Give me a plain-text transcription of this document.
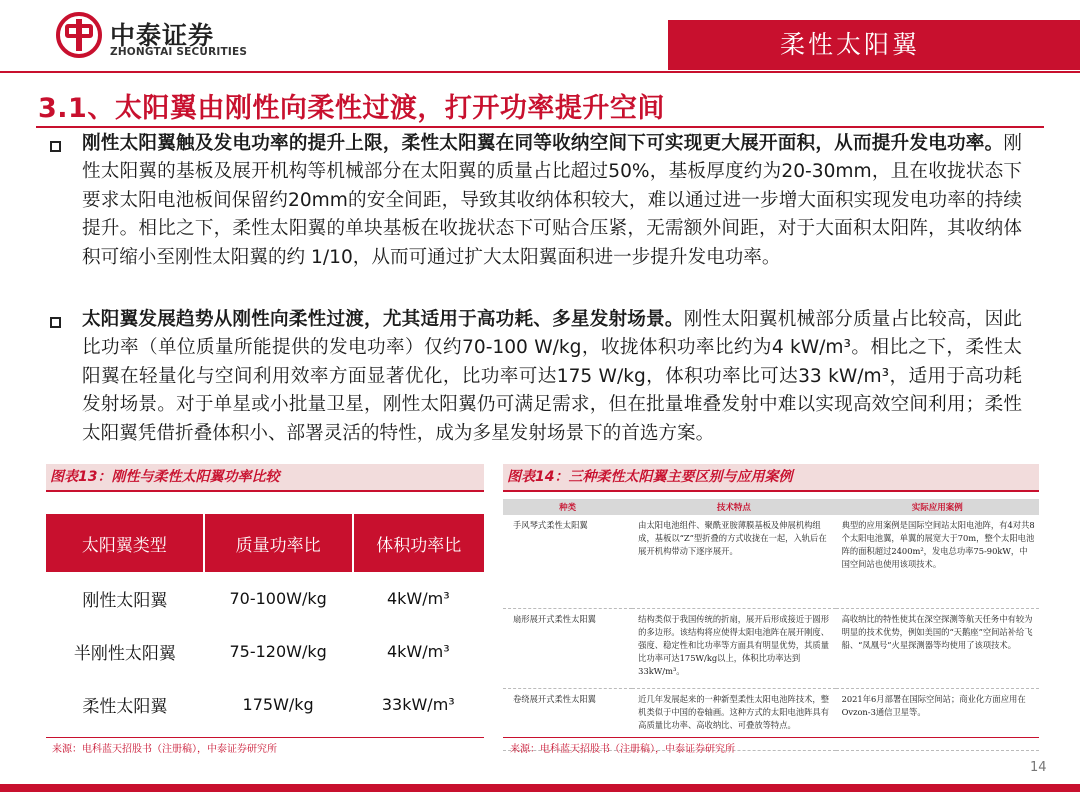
中泰证券
ZHONGTAI SECURITIES	柔性太阳翼
3.1、太阳翼由刚性向柔性过渡，打开功率提升空间
刚性太阳翼触及发电功率的提升上限，柔性太阳翼在同等收纳空间下可实现更大展开面积，从而提升发电功率。刚性太阳翼的基板及展开机构等机械部分在太阳翼的质量占比超过50%，基板厚度约为20-30mm，且在收拢状态下要求太阳电池板间保留约20mm的安全间距，导致其收纳体积较大，难以通过进一步增大面积实现发电功率的持续提升。相比之下，柔性太阳翼的单块基板在收拢状态下可贴合压紧，无需额外间距，对于大面积太阳阵，其收纳体积可缩小至刚性太阳翼的约 1/10，从而可通过扩大太阳翼面积进一步提升发电功率。
太阳翼发展趋势从刚性向柔性过渡，尤其适用于高功耗、多星发射场景。刚性太阳翼机械部分质量占比较高，因此比功率（单位质量所能提供的发电功率）仅约70-100 W/kg，收拢体积功率比约为4 kW/m³。相比之下，柔性太阳翼在轻量化与空间利用效率方面显著优化，比功率可达175 W/kg，体积功率比可达33 kW/m³，适用于高功耗发射场景。对于单星或小批量卫星，刚性太阳翼仍可满足需求，但在批量堆叠发射中难以实现高效空间利用；柔性太阳翼凭借折叠体积小、部署灵活的特性，成为多星发射场景下的首选方案。
图表13：刚性与柔性太阳翼功率比较
太阳翼类型	质量功率比	体积功率比
刚性太阳翼	70-100W/kg	4kW/m³
半刚性太阳翼	75-120W/kg	4kW/m³
柔性太阳翼	175W/kg	33kW/m³
来源：电科蓝天招股书（注册稿），中泰证券研究所
图表14：三种柔性太阳翼主要区别与应用案例
种类	技术特点	实际应用案例
手风琴式柔性太阳翼	由太阳电池组件、聚酰亚胺薄膜基板及伸展机构组成，基板以“Z”型折叠的方式收拢在一起，入轨后在展开机构带动下逐序展开。	典型的应用案例是国际空间站太阳电池阵，有4对共8个太阳电池翼，单翼的展宽大于70m，整个太阳电池阵的面积超过2400m²，发电总功率75-90kW，中国空间站也使用该项技术。
扇形展开式柔性太阳翼	结构类似于我国传统的折扇，展开后形成接近于圆形的多边形。该结构将应使得太阳电池阵在展开刚度、强度、稳定性和比功率等方面具有明显优势，其质量比功率可达175W/kg以上，体积比功率达到33kW/m³。	高收纳比的特性使其在深空探测等航天任务中有较为明显的技术优势，例如美国的“天鹅座”空间站补给飞船、“凤凰号”火星探测器等均使用了该项技术。
卷绕展开式柔性太阳翼	近几年发展起来的一种新型柔性太阳电池阵技术，整机类似于中国的卷轴画。这种方式的太阳电池阵具有高质量比功率、高收纳比、可叠放等特点。	2021年6月部署在国际空间站；商业化方面应用在Ovzon-3通信卫星等。
来源：电科蓝天招股书（注册稿），中泰证券研究所
14
